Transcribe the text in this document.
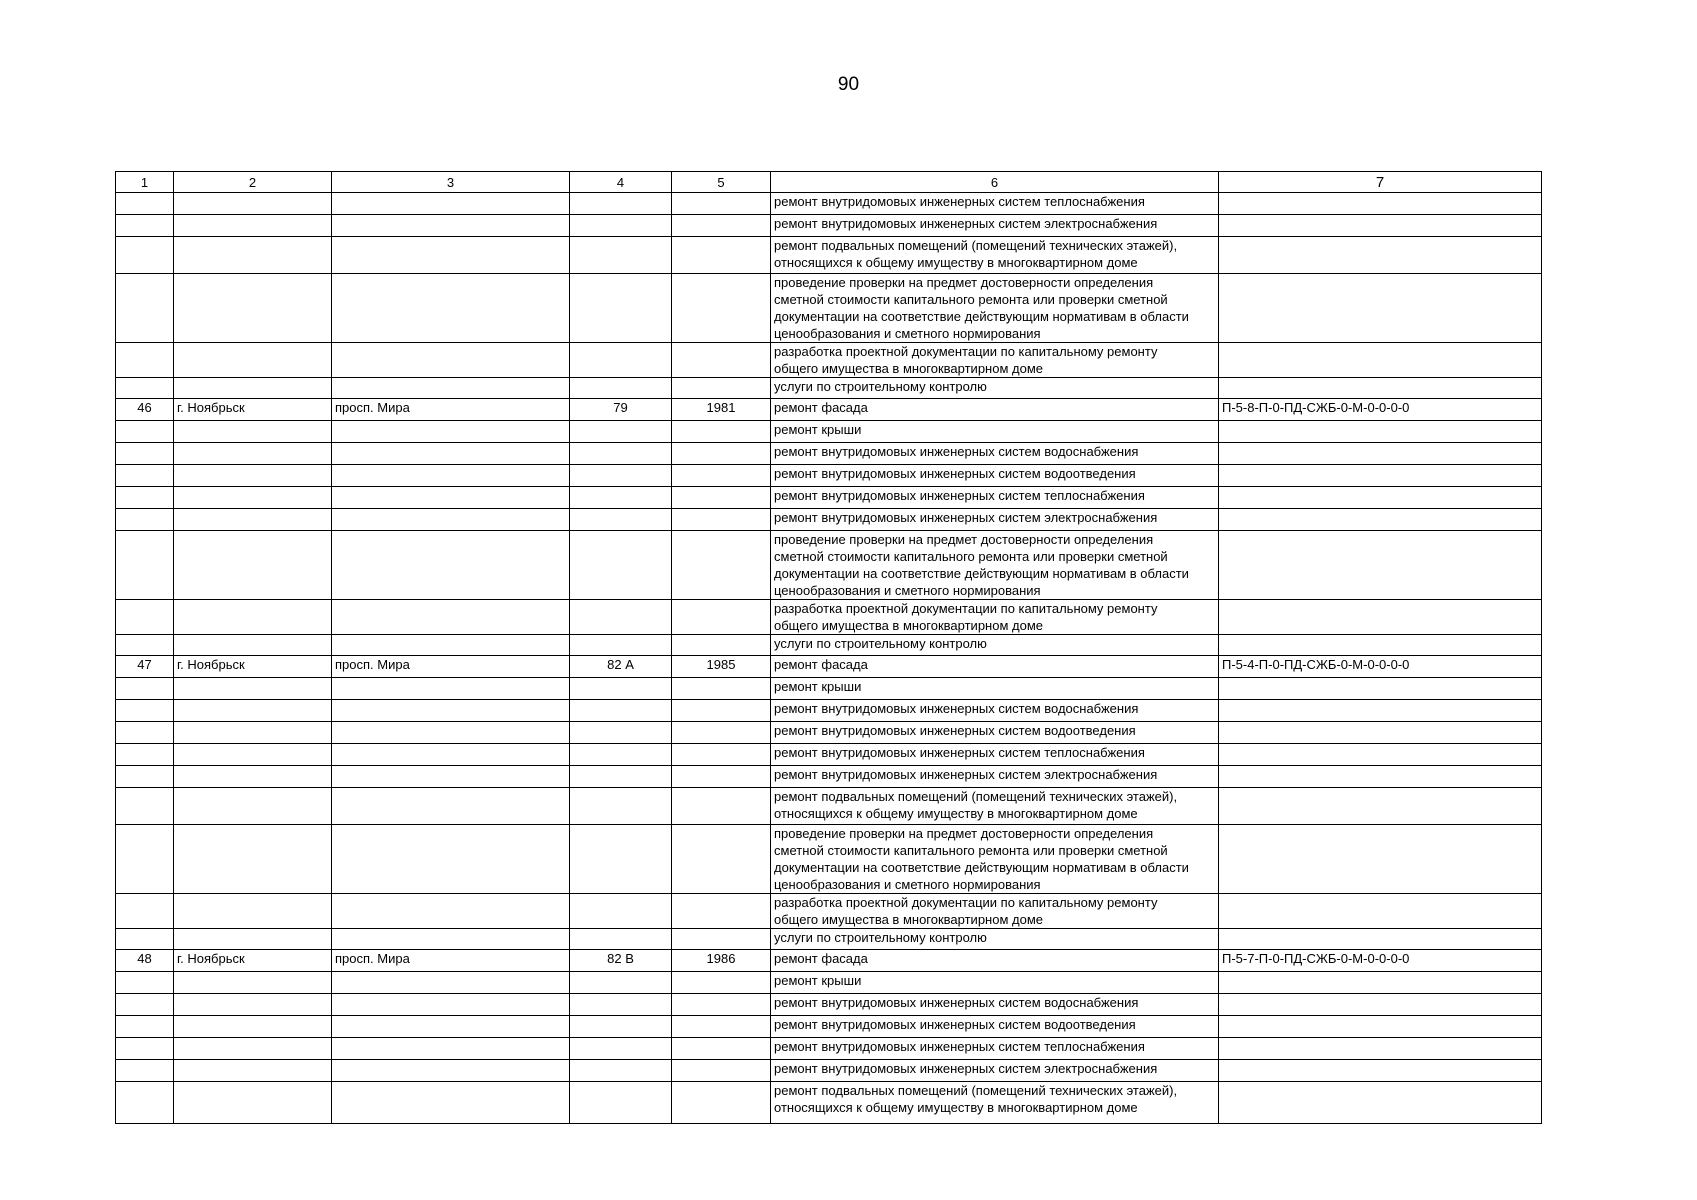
90
1	2	3	4	5	6	7
					ремонт внутридомовых инженерных систем теплоснабжения	
					ремонт внутридомовых инженерных систем электроснабжения	
					ремонт подвальных помещений (помещений технических этажей),
относящихся к общему имуществу в многоквартирном доме	
					проведение проверки на предмет достоверности определения
сметной стоимости капитального ремонта или проверки сметной
документации на соответствие действующим нормативам в области
ценообразования и сметного нормирования	
					разработка проектной документации по капитальному ремонту
общего имущества в многоквартирном доме	
					услуги по строительному контролю	
46	г. Ноябрьск	просп. Мира	79	1981	ремонт фасада	П-5-8-П-0-ПД-СЖБ-0-М-0-0-0-0
					ремонт крыши	
					ремонт внутридомовых инженерных систем водоснабжения	
					ремонт внутридомовых инженерных систем водоотведения	
					ремонт внутридомовых инженерных систем теплоснабжения	
					ремонт внутридомовых инженерных систем электроснабжения	
					проведение проверки на предмет достоверности определения
сметной стоимости капитального ремонта или проверки сметной
документации на соответствие действующим нормативам в области
ценообразования и сметного нормирования	
					разработка проектной документации по капитальному ремонту
общего имущества в многоквартирном доме	
					услуги по строительному контролю	
47	г. Ноябрьск	просп. Мира	82 А	1985	ремонт фасада	П-5-4-П-0-ПД-СЖБ-0-М-0-0-0-0
					ремонт крыши	
					ремонт внутридомовых инженерных систем водоснабжения	
					ремонт внутридомовых инженерных систем водоотведения	
					ремонт внутридомовых инженерных систем теплоснабжения	
					ремонт внутридомовых инженерных систем электроснабжения	
					ремонт подвальных помещений (помещений технических этажей),
относящихся к общему имуществу в многоквартирном доме	
					проведение проверки на предмет достоверности определения
сметной стоимости капитального ремонта или проверки сметной
документации на соответствие действующим нормативам в области
ценообразования и сметного нормирования	
					разработка проектной документации по капитальному ремонту
общего имущества в многоквартирном доме	
					услуги по строительному контролю	
48	г. Ноябрьск	просп. Мира	82 В	1986	ремонт фасада	П-5-7-П-0-ПД-СЖБ-0-М-0-0-0-0
					ремонт крыши	
					ремонт внутридомовых инженерных систем водоснабжения	
					ремонт внутридомовых инженерных систем водоотведения	
					ремонт внутридомовых инженерных систем теплоснабжения	
					ремонт внутридомовых инженерных систем электроснабжения	
					ремонт подвальных помещений (помещений технических этажей),
относящихся к общему имуществу в многоквартирном доме	
